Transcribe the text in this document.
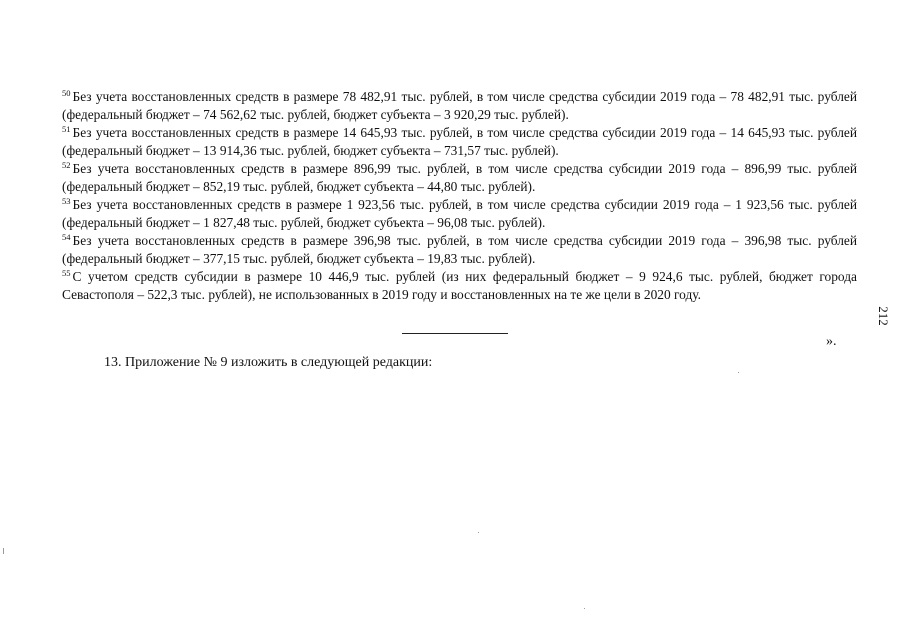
$^{50}$ Без учета восстановленных средств в размере 78 482,91 тыс. рублей, в том числе средства субсидии 2019 года – 78 482,91 тыс. рублей (федеральный бюджет – 74 562,62 тыс. рублей, бюджет субъекта – 3 920,29 тыс. рублей).

$^{51}$ Без учета восстановленных средств в размере 14 645,93 тыс. рублей, в том числе средства субсидии 2019 года – 14 645,93 тыс. рублей (федеральный бюджет – 13 914,36 тыс. рублей, бюджет субъекта – 731,57 тыс. рублей).

$^{52}$ Без учета восстановленных средств в размере 896,99 тыс. рублей, в том числе средства субсидии 2019 года – 896,99 тыс. рублей (федеральный бюджет – 852,19 тыс. рублей, бюджет субъекта – 44,80 тыс. рублей).

$^{53}$ Без учета восстановленных средств в размере 1 923,56 тыс. рублей, в том числе средства субсидии 2019 года – 1 923,56 тыс. рублей (федеральный бюджет – 1 827,48 тыс. рублей, бюджет субъекта – 96,08 тыс. рублей).

$^{54}$ Без учета восстановленных средств в размере 396,98 тыс. рублей, в том числе средства субсидии 2019 года – 396,98 тыс. рублей (федеральный бюджет – 377,15 тыс. рублей, бюджет субъекта – 19,83 тыс. рублей).

$^{55}$ С учетом средств субсидии в размере 10 446,9 тыс. рублей (из них федеральный бюджет – 9 924,6 тыс. рублей, бюджет города Севастополя – 522,3 тыс. рублей), не использованных в 2019 году и восстановленных на те же цели в 2020 году.

».
13. Приложение № 9 изложить в следующей редакции:
212
